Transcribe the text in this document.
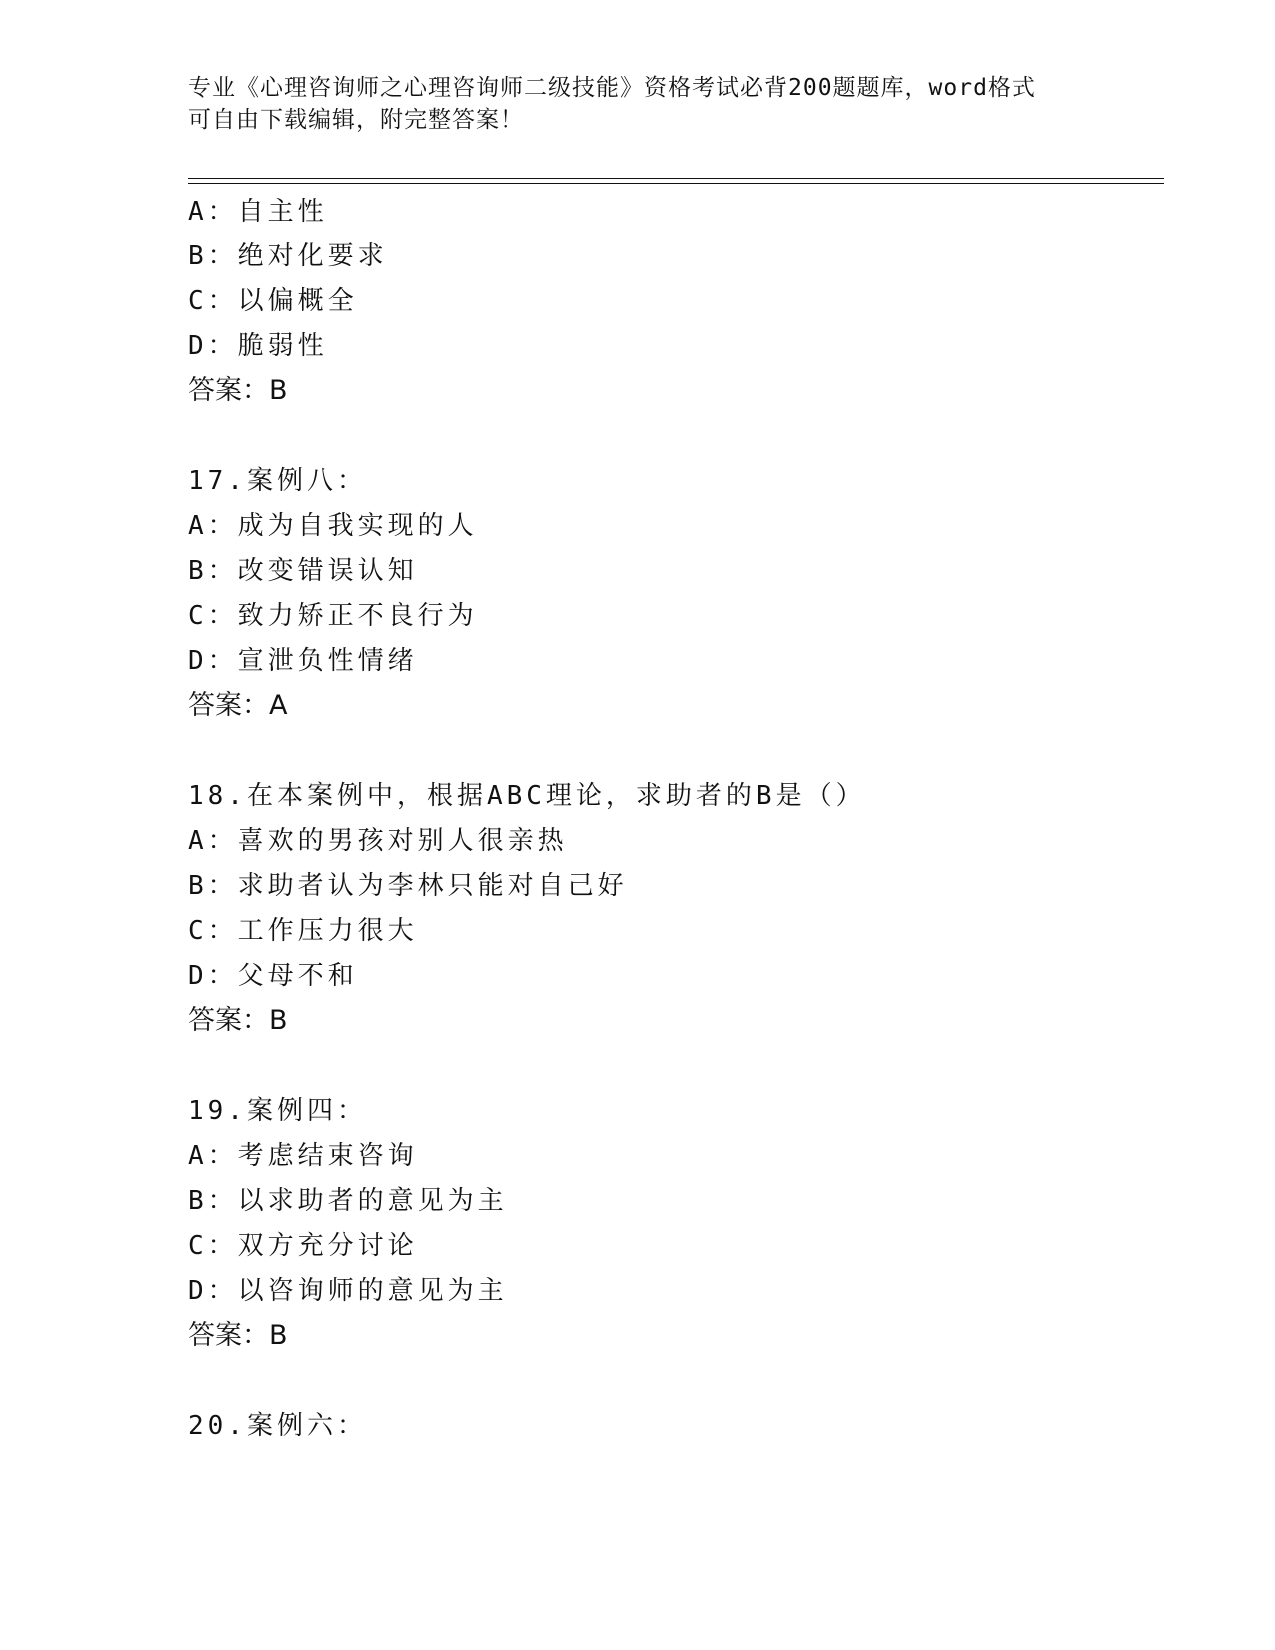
专业《心理咨询师之心理咨询师二级技能》资格考试必背200题题库，word格式
可自由下载编辑，附完整答案！
A：自主性
B：绝对化要求
C：以偏概全
D：脆弱性
答案：B
17.案例八：
A：成为自我实现的人
B：改变错误认知
C：致力矫正不良行为
D：宣泄负性情绪
答案：A
18.在本案例中，根据ABC理论，求助者的B是（）
A：喜欢的男孩对别人很亲热
B：求助者认为李林只能对自己好
C：工作压力很大
D：父母不和
答案：B
19.案例四：
A：考虑结束咨询
B：以求助者的意见为主
C：双方充分讨论
D：以咨询师的意见为主
答案：B
20.案例六：
